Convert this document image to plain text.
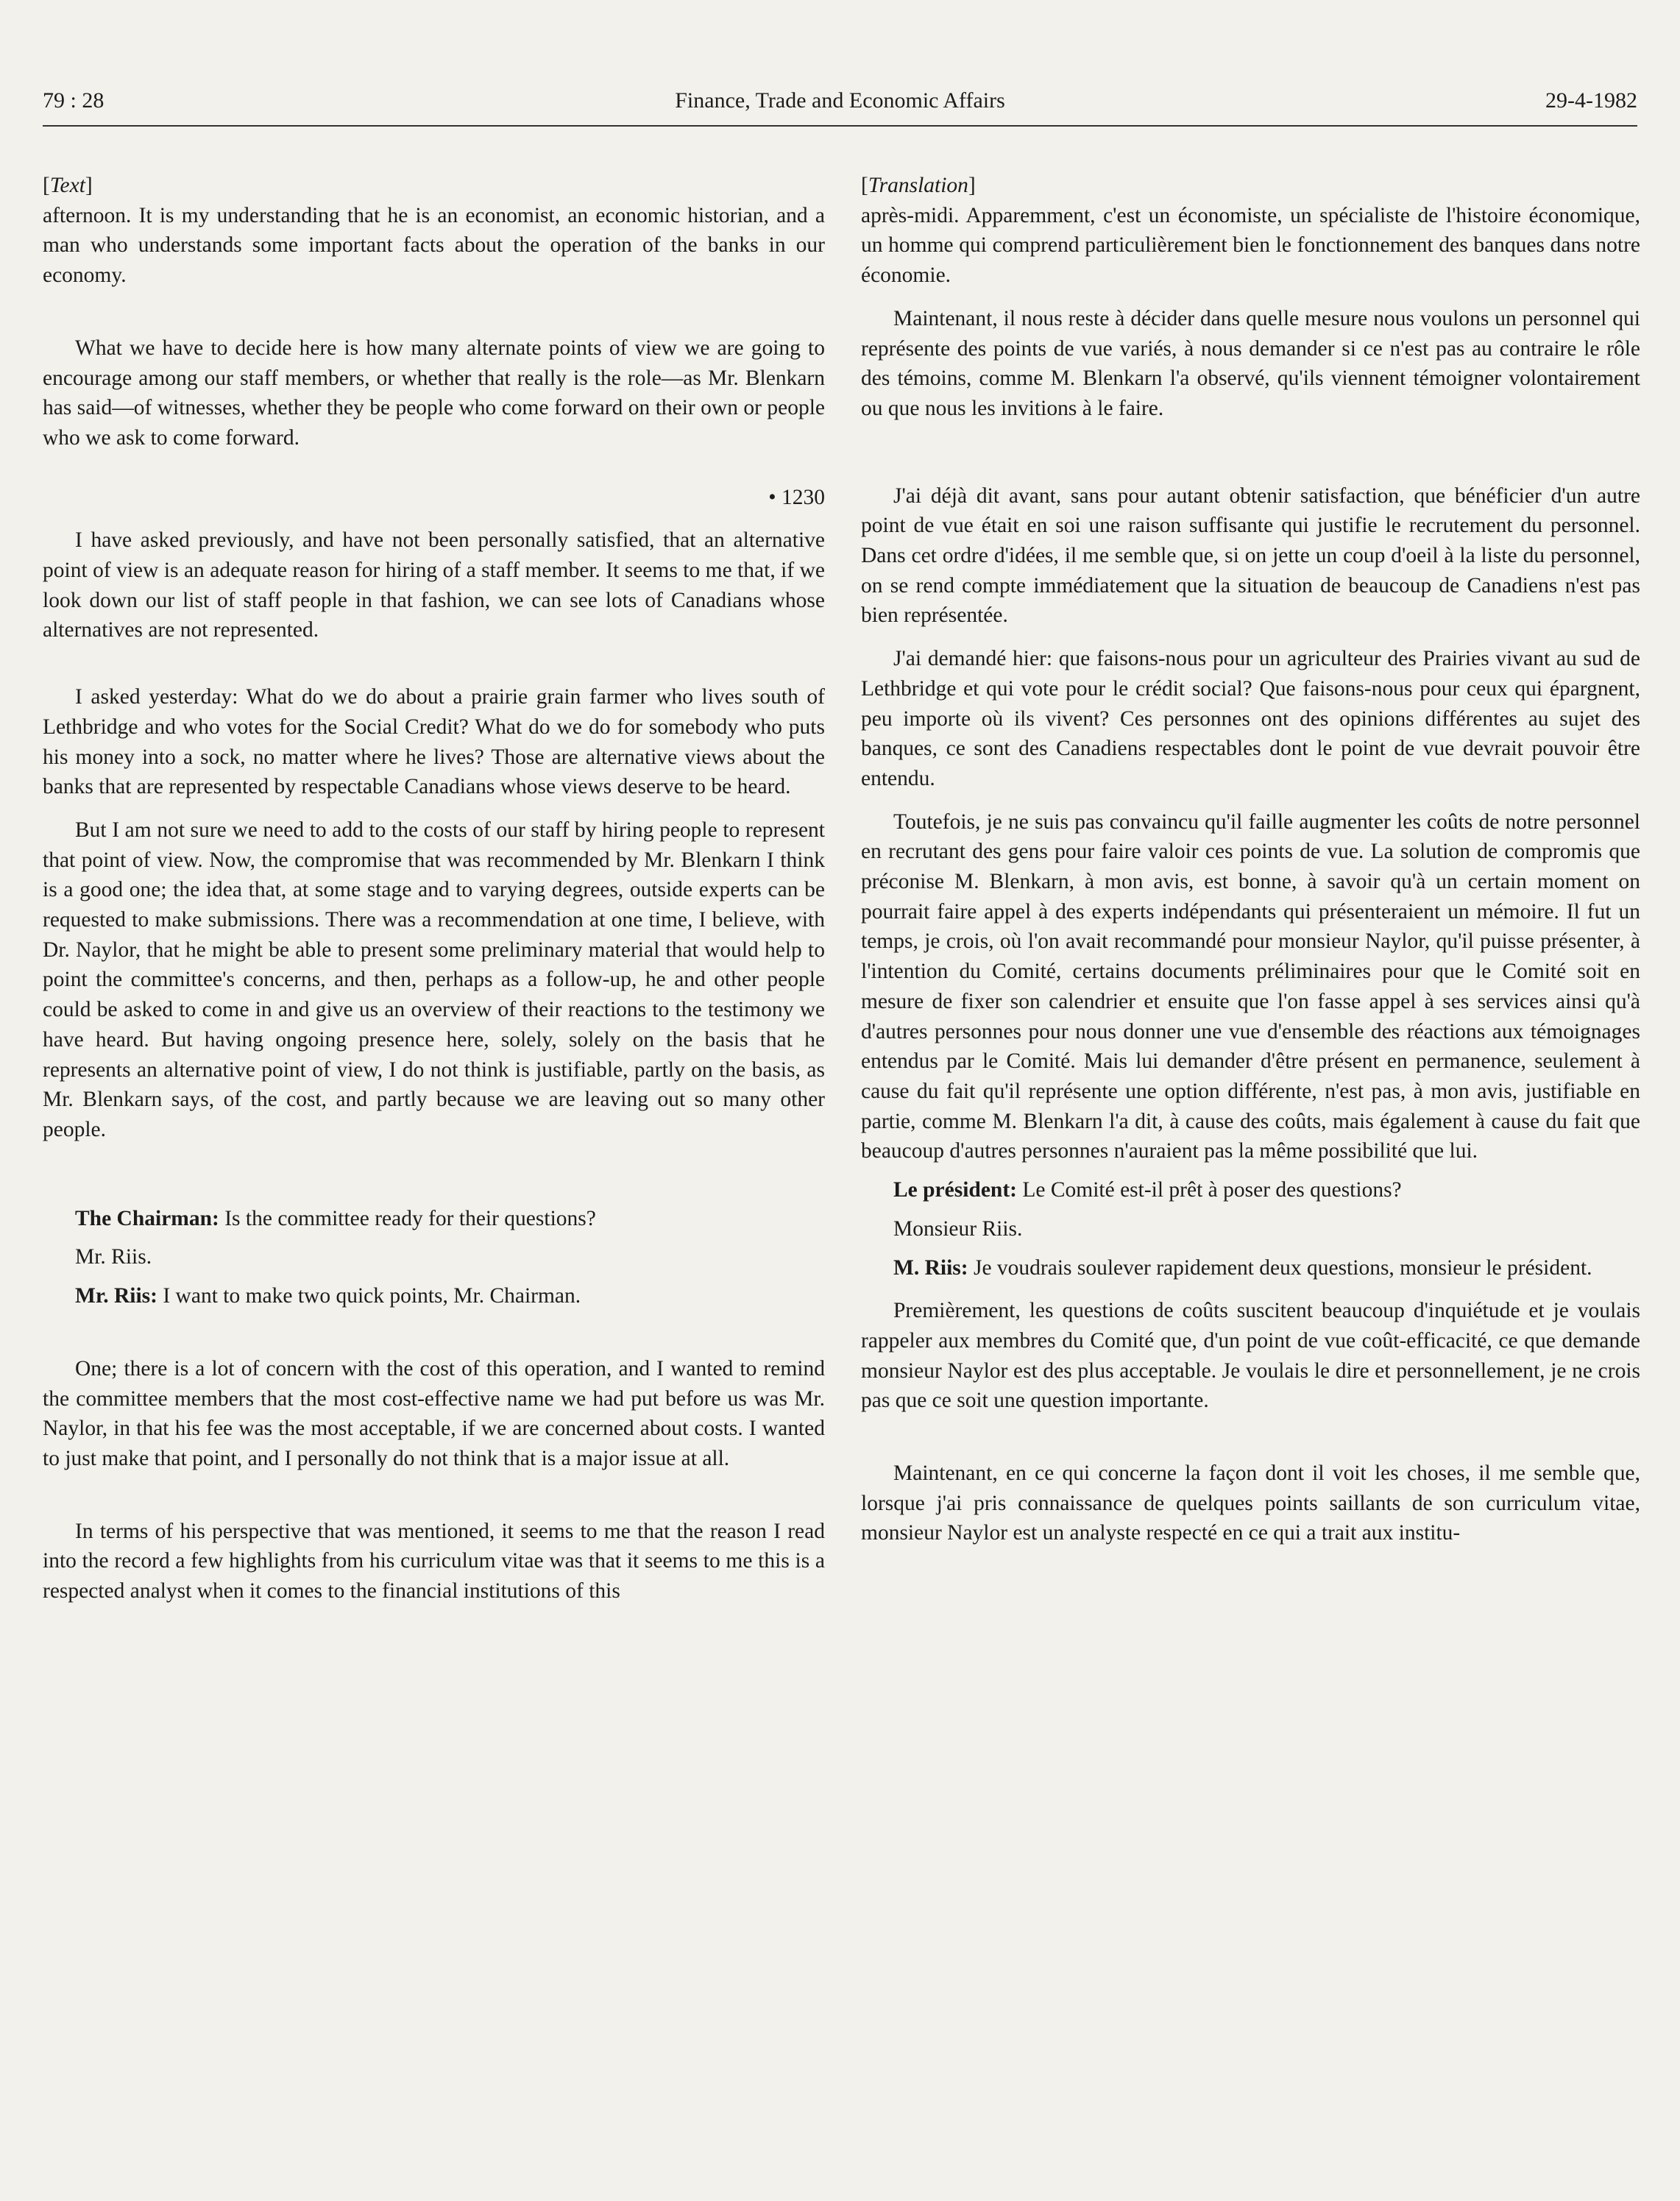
79 : 28	Finance, Trade and Economic Affairs	29-4-1982
[Text]

afternoon. It is my understanding that he is an economist, an economic historian, and a man who understands some important facts about the operation of the banks in our economy.

What we have to decide here is how many alternate points of view we are going to encourage among our staff members, or whether that really is the role—as Mr. Blenkarn has said—of witnesses, whether they be people who come forward on their own or people who we ask to come forward.

• 1230

I have asked previously, and have not been personally satisfied, that an alternative point of view is an adequate reason for hiring of a staff member. It seems to me that, if we look down our list of staff people in that fashion, we can see lots of Canadians whose alternatives are not represented.

I asked yesterday: What do we do about a prairie grain farmer who lives south of Lethbridge and who votes for the Social Credit? What do we do for somebody who puts his money into a sock, no matter where he lives? Those are alternative views about the banks that are represented by respectable Canadians whose views deserve to be heard.

But I am not sure we need to add to the costs of our staff by hiring people to represent that point of view. Now, the compromise that was recommended by Mr. Blenkarn I think is a good one; the idea that, at some stage and to varying degrees, outside experts can be requested to make submissions. There was a recommendation at one time, I believe, with Dr. Naylor, that he might be able to present some preliminary material that would help to point the committee's concerns, and then, perhaps as a follow-up, he and other people could be asked to come in and give us an overview of their reactions to the testimony we have heard. But having ongoing presence here, solely, solely on the basis that he represents an alternative point of view, I do not think is justifiable, partly on the basis, as Mr. Blenkarn says, of the cost, and partly because we are leaving out so many other people.

The Chairman: Is the committee ready for their questions?

Mr. Riis.

Mr. Riis: I want to make two quick points, Mr. Chairman.

One; there is a lot of concern with the cost of this operation, and I wanted to remind the committee members that the most cost-effective name we had put before us was Mr. Naylor, in that his fee was the most acceptable, if we are concerned about costs. I wanted to just make that point, and I personally do not think that is a major issue at all.

In terms of his perspective that was mentioned, it seems to me that the reason I read into the record a few highlights from his curriculum vitae was that it seems to me this is a respected analyst when it comes to the financial institutions of this

[Translation]

après-midi. Apparemment, c'est un économiste, un spécialiste de l'histoire économique, un homme qui comprend particulièrement bien le fonctionnement des banques dans notre économie.

Maintenant, il nous reste à décider dans quelle mesure nous voulons un personnel qui représente des points de vue variés, à nous demander si ce n'est pas au contraire le rôle des témoins, comme M. Blenkarn l'a observé, qu'ils viennent témoigner volontairement ou que nous les invitions à le faire.

J'ai déjà dit avant, sans pour autant obtenir satisfaction, que bénéficier d'un autre point de vue était en soi une raison suffisante qui justifie le recrutement du personnel. Dans cet ordre d'idées, il me semble que, si on jette un coup d'oeil à la liste du personnel, on se rend compte immédiatement que la situation de beaucoup de Canadiens n'est pas bien représentée.

J'ai demandé hier: que faisons-nous pour un agriculteur des Prairies vivant au sud de Lethbridge et qui vote pour le crédit social? Que faisons-nous pour ceux qui épargnent, peu importe où ils vivent? Ces personnes ont des opinions différentes au sujet des banques, ce sont des Canadiens respectables dont le point de vue devrait pouvoir être entendu.

Toutefois, je ne suis pas convaincu qu'il faille augmenter les coûts de notre personnel en recrutant des gens pour faire valoir ces points de vue. La solution de compromis que préconise M. Blenkarn, à mon avis, est bonne, à savoir qu'à un certain moment on pourrait faire appel à des experts indépendants qui présenteraient un mémoire. Il fut un temps, je crois, où l'on avait recommandé pour monsieur Naylor, qu'il puisse présenter, à l'intention du Comité, certains documents préliminaires pour que le Comité soit en mesure de fixer son calendrier et ensuite que l'on fasse appel à ses services ainsi qu'à d'autres personnes pour nous donner une vue d'ensemble des réactions aux témoignages entendus par le Comité. Mais lui demander d'être présent en permanence, seulement à cause du fait qu'il représente une option différente, n'est pas, à mon avis, justifiable en partie, comme M. Blenkarn l'a dit, à cause des coûts, mais également à cause du fait que beaucoup d'autres personnes n'auraient pas la même possibilité que lui.

Le président: Le Comité est-il prêt à poser des questions?

Monsieur Riis.

M. Riis: Je voudrais soulever rapidement deux questions, monsieur le président.

Premièrement, les questions de coûts suscitent beaucoup d'inquiétude et je voulais rappeler aux membres du Comité que, d'un point de vue coût-efficacité, ce que demande monsieur Naylor est des plus acceptable. Je voulais le dire et personnellement, je ne crois pas que ce soit une question importante.

Maintenant, en ce qui concerne la façon dont il voit les choses, il me semble que, lorsque j'ai pris connaissance de quelques points saillants de son curriculum vitae, monsieur Naylor est un analyste respecté en ce qui a trait aux institu-
